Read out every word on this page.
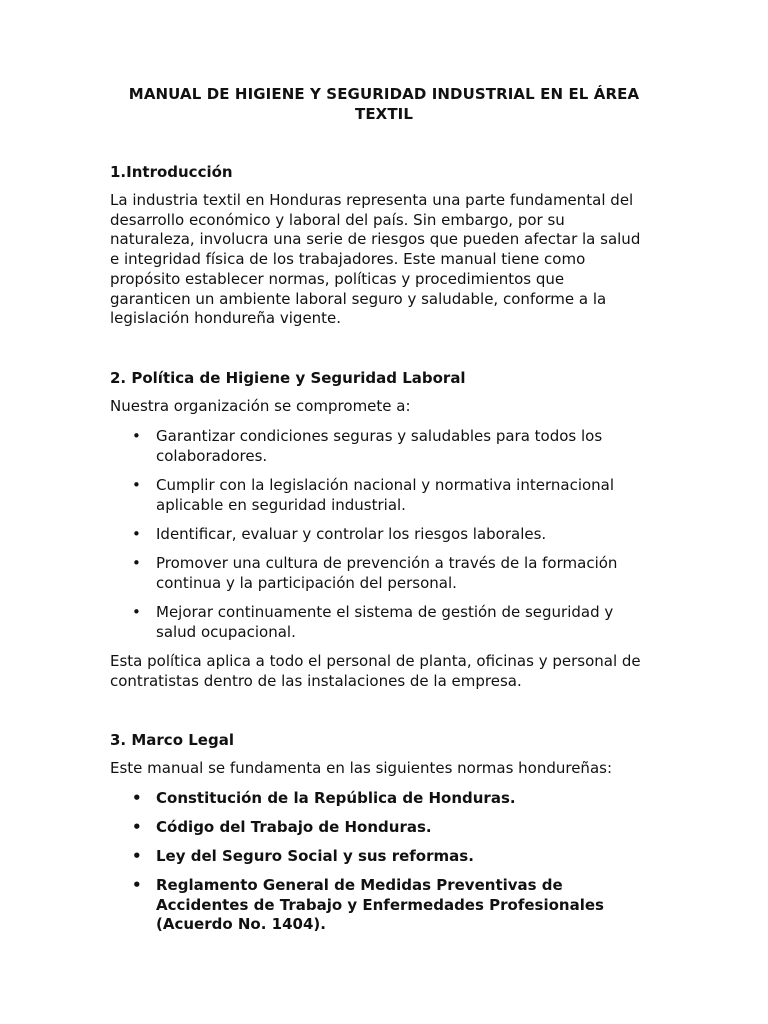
MANUAL DE HIGIENE Y SEGURIDAD INDUSTRIAL EN EL ÁREA
TEXTIL
1.Introducción
La industria textil en Honduras representa una parte fundamental del
desarrollo económico y laboral del país. Sin embargo, por su
naturaleza, involucra una serie de riesgos que pueden afectar la salud
e integridad física de los trabajadores. Este manual tiene como
propósito establecer normas, políticas y procedimientos que
garanticen un ambiente laboral seguro y saludable, conforme a la
legislación hondureña vigente.
2. Política de Higiene y Seguridad Laboral
Nuestra organización se compromete a:
• Garantizar condiciones seguras y saludables para todos los
colaboradores.
• Cumplir con la legislación nacional y normativa internacional
aplicable en seguridad industrial.
• Identificar, evaluar y controlar los riesgos laborales.
• Promover una cultura de prevención a través de la formación
continua y la participación del personal.
• Mejorar continuamente el sistema de gestión de seguridad y
salud ocupacional.
Esta política aplica a todo el personal de planta, oficinas y personal de
contratistas dentro de las instalaciones de la empresa.
3. Marco Legal
Este manual se fundamenta en las siguientes normas hondureñas:
• Constitución de la República de Honduras.
• Código del Trabajo de Honduras.
• Ley del Seguro Social y sus reformas.
• Reglamento General de Medidas Preventivas de
Accidentes de Trabajo y Enfermedades Profesionales
(Acuerdo No. 1404).
